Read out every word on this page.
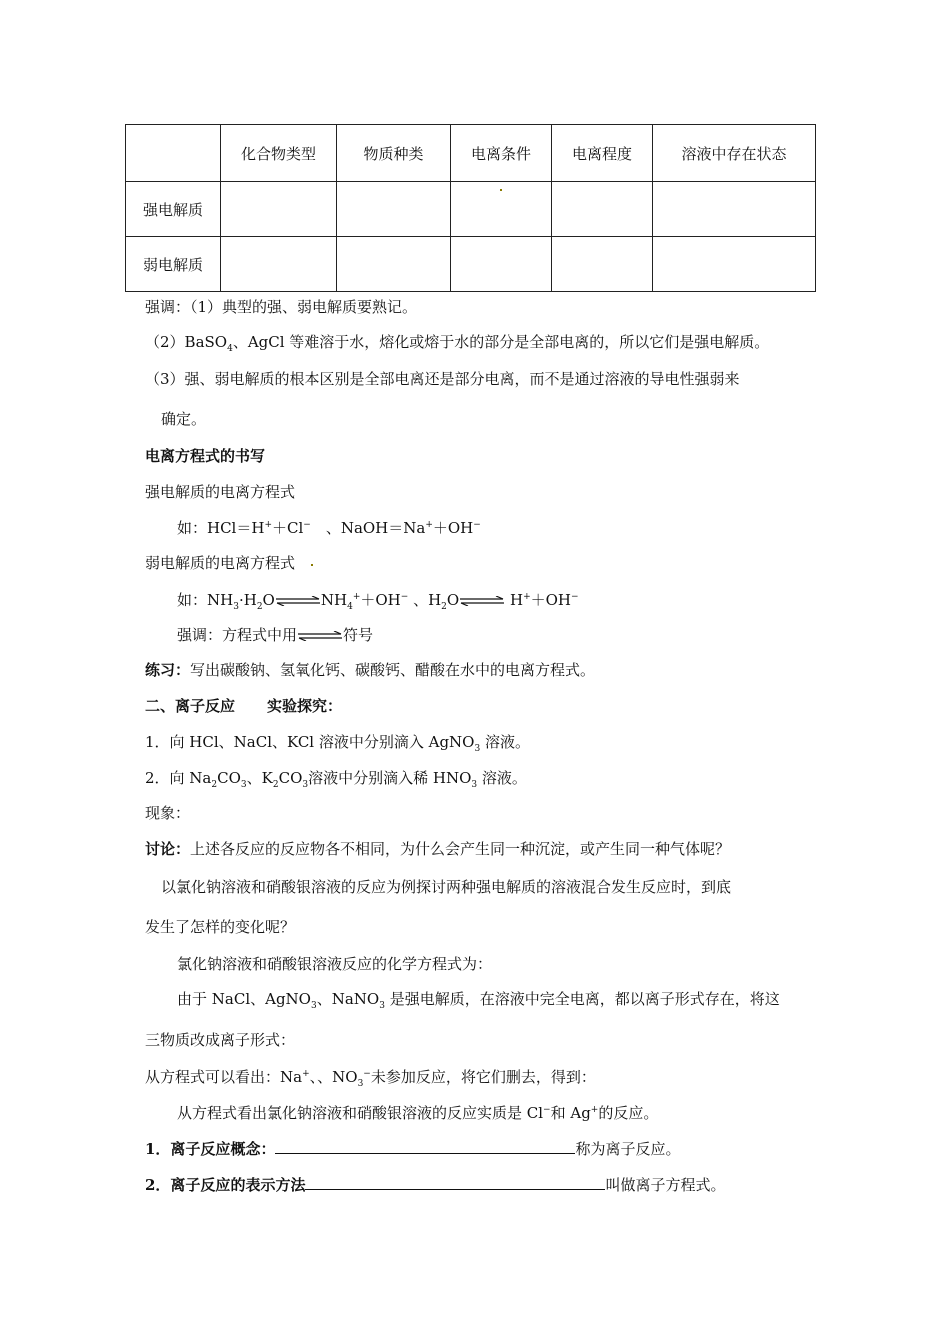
	化合物类型	物质种类	电离条件	电离程度	溶液中存在状态
强电解质					
弱电解质					
强调：（1）典型的强、弱电解质要熟记。
（2）BaSO$_4$、AgCl 等难溶于水，熔化或熔于水的部分是全部电离的，所以它们是强电解质。
（3）强、弱电解质的根本区别是全部电离还是部分电离，而不是通过溶液的导电性强弱来
确定。
电离方程式的书写
强电解质的电离方程式
如：HCl＝H+＋Cl−　、NaOH＝Na+＋OH−
弱电解质的电离方程式
如：$NH_3\cdot H_2O\rightleftharpoons NH_4^++OH^-$ 、$H_2O\rightleftharpoons$ H+＋OH−
强调：方程式中用⇌符号
练习：写出碳酸钠、氢氧化钙、碳酸钙、醋酸在水中的电离方程式。
二、离子反应 实验探究：
1．向 HCl、NaCl、KCl 溶液中分别滴入 AgNO$_3$ 溶液。
2．向 $Na_2CO_3$、$K_2CO_3$溶液中分别滴入稀 $HNO_3$ 溶液。
现象：
讨论：上述各反应的反应物各不相同，为什么会产生同一种沉淀，或产生同一种气体呢？
以氯化钠溶液和硝酸银溶液的反应为例探讨两种强电解质的溶液混合发生反应时，到底
发生了怎样的变化呢？
氯化钠溶液和硝酸银溶液反应的化学方程式为：
由于 NaCl、AgNO$_3$、NaNO$_3$ 是强电解质，在溶液中完全电离，都以离子形式存在，将这
三物质改成离子形式：
从方程式可以看出：Na+、、$NO_3^-$未参加反应，将它们删去，得到：
从方程式看出氯化钠溶液和硝酸银溶液的反应实质是 Cl−和 Ag+的反应。
1．离子反应概念：	称为离子反应。
2．离子反应的表示方法	叫做离子方程式。
